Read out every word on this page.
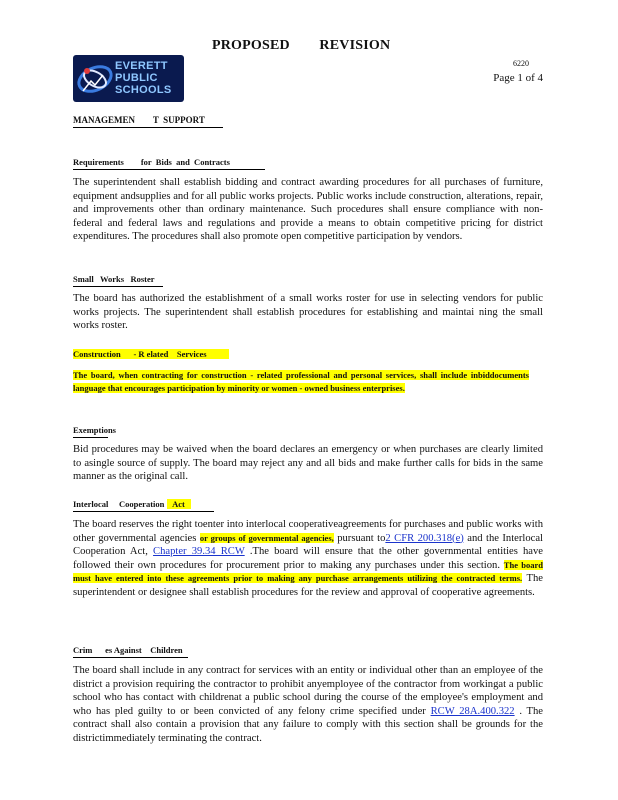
PROPOSED        REVISION
EVERETT
PUBLIC
SCHOOLS
6220
Page 1 of 4
MANAGEMEN        T  SUPPORT
Requirements        for  Bids  and  Contracts
The superintendent shall establish bidding and contract awarding procedures for all purchases of furniture, equipment andsupplies and for all public works projects. Public works include construction, alterations, repair, and improvements other than ordinary maintenance. Such procedures shall ensure compliance with non-federal and federal laws and regulations and provide a means to obtain competitive pricing for district expenditures. The procedures shall also promote open competitive participation by vendors.
Small   Works   Roster
The board has authorized the establishment of a small works roster for use in selecting vendors for public works projects. The superintendent shall establish procedures for establishing and maintai ning the small works roster.
Construction      - R elated    Services
The board, when contracting for construction - related professional and personal services, shall include inbiddocuments language that encourages participation by minority or women - owned business enterprises.
Exemptions
Bid procedures may be waived when the board declares an emergency or when purchases are clearly limited to asingle source of supply. The board may reject any and all bids and make further calls for bids in the same manner as the original call.
Interlocal     Cooperation Act
The board reserves the right toenter into interlocal cooperativeagreements for purchases and public works with other governmental agencies or groups of governmental agencies, pursuant to2 CFR 200.318(e) and the Interlocal Cooperation Act, Chapter 39.34 RCW .The board will ensure that the other governmental entities have followed their own procedures for procurement prior to making any purchases under this section. The board must have entered into these agreements prior to making any purchase arrangements utilizing the contracted terms. The superintendent or designee shall establish procedures for the review and approval of cooperative agreements.
Crim      es Against    Children
The board shall include in any contract for services with an entity or individual other than an employee of the district a provision requiring the contractor to prohibit anyemployee of the contractor from workingat a public school who has contact with childrenat a public school during the course of the employee's employment and who has pled guilty to or been convicted of any felony crime specified under RCW 28A.400.322 . The contract shall also contain a provision that any failure to comply with this section shall be grounds for the districtimmediately terminating the contract.
